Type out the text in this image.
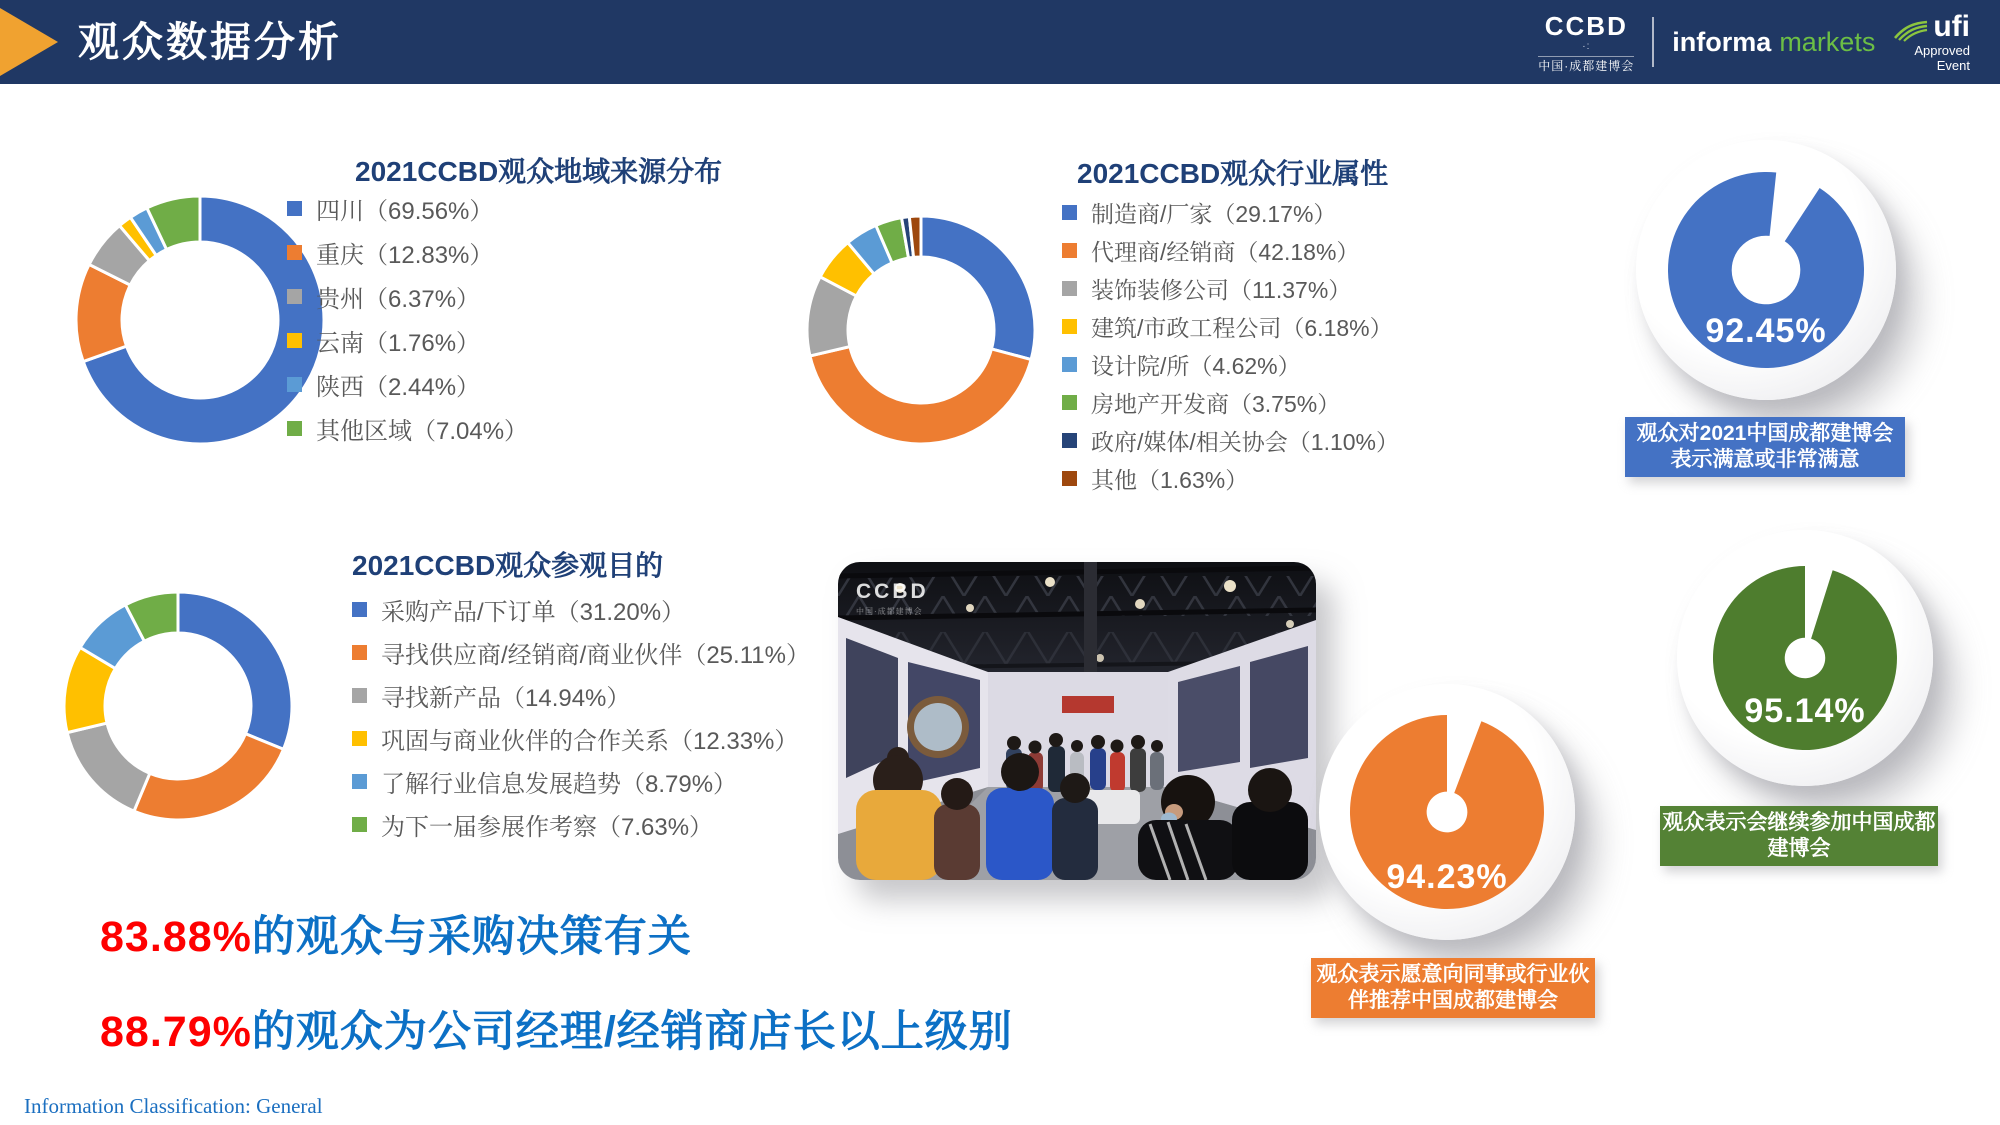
观众数据分析	CCBD
·:
中国·成都建博会
informa markets ufi
Approved
Event
2021CCBD观众地域来源分布
四川（69.56%）
重庆（12.83%）
贵州（6.37%）
云南（1.76%）
陕西（2.44%）
其他区域（7.04%）
2021CCBD观众行业属性
制造商/厂家（29.17%）
代理商/经销商（42.18%）
装饰装修公司（11.37%）
建筑/市政工程公司（6.18%）
设计院/所（4.62%）
房地产开发商（3.75%）
政府/媒体/相关协会（1.10%）
其他（1.63%）
2021CCBD观众参观目的
采购产品/下订单（31.20%）
寻找供应商/经销商/商业伙伴（25.11%）
寻找新产品（14.94%）
巩固与商业伙伴的合作关系（12.33%）
了解行业信息发展趋势（8.79%）
为下一届参展作考察（7.63%）
CCBD
中国·成都建博会
92.45%
观众对2021中国成都建博会
表示满意或非常满意
95.14%
观众表示会继续参加中国成都
建博会
94.23%
观众表示愿意向同事或行业伙
伴推荐中国成都建博会
83.88%的观众与采购决策有关
88.79%的观众为公司经理/经销商店长以上级别
Information Classification: General
